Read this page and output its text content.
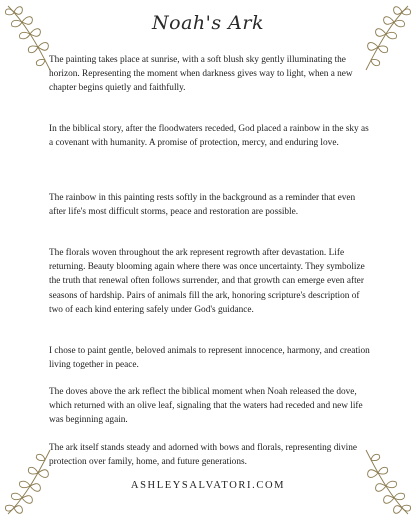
Noah's Ark

The painting takes place at sunrise, with a soft blush sky gently illuminating the horizon. Representing the moment when darkness gives way to light, when a new chapter begins quietly and faithfully.

In the biblical story, after the floodwaters receded, God placed a rainbow in the sky as a covenant with humanity. A promise of protection, mercy, and enduring love.

The rainbow in this painting rests softly in the background as a reminder that even after life's most difficult storms, peace and restoration are possible.

The florals woven throughout the ark represent regrowth after devastation. Life returning. Beauty blooming again where there was once uncertainty. They symbolize the truth that renewal often follows surrender, and that growth can emerge even after seasons of hardship. Pairs of animals fill the ark, honoring scripture's description of two of each kind entering safely under God's guidance.

I chose to paint gentle, beloved animals to represent innocence, harmony, and creation living together in peace.

The doves above the ark reflect the biblical moment when Noah released the dove, which returned with an olive leaf, signaling that the waters had receded and new life was beginning again.

The ark itself stands steady and adorned with bows and florals, representing divine protection over family, home, and future generations.

ASHLEYSALVATORI.COM
